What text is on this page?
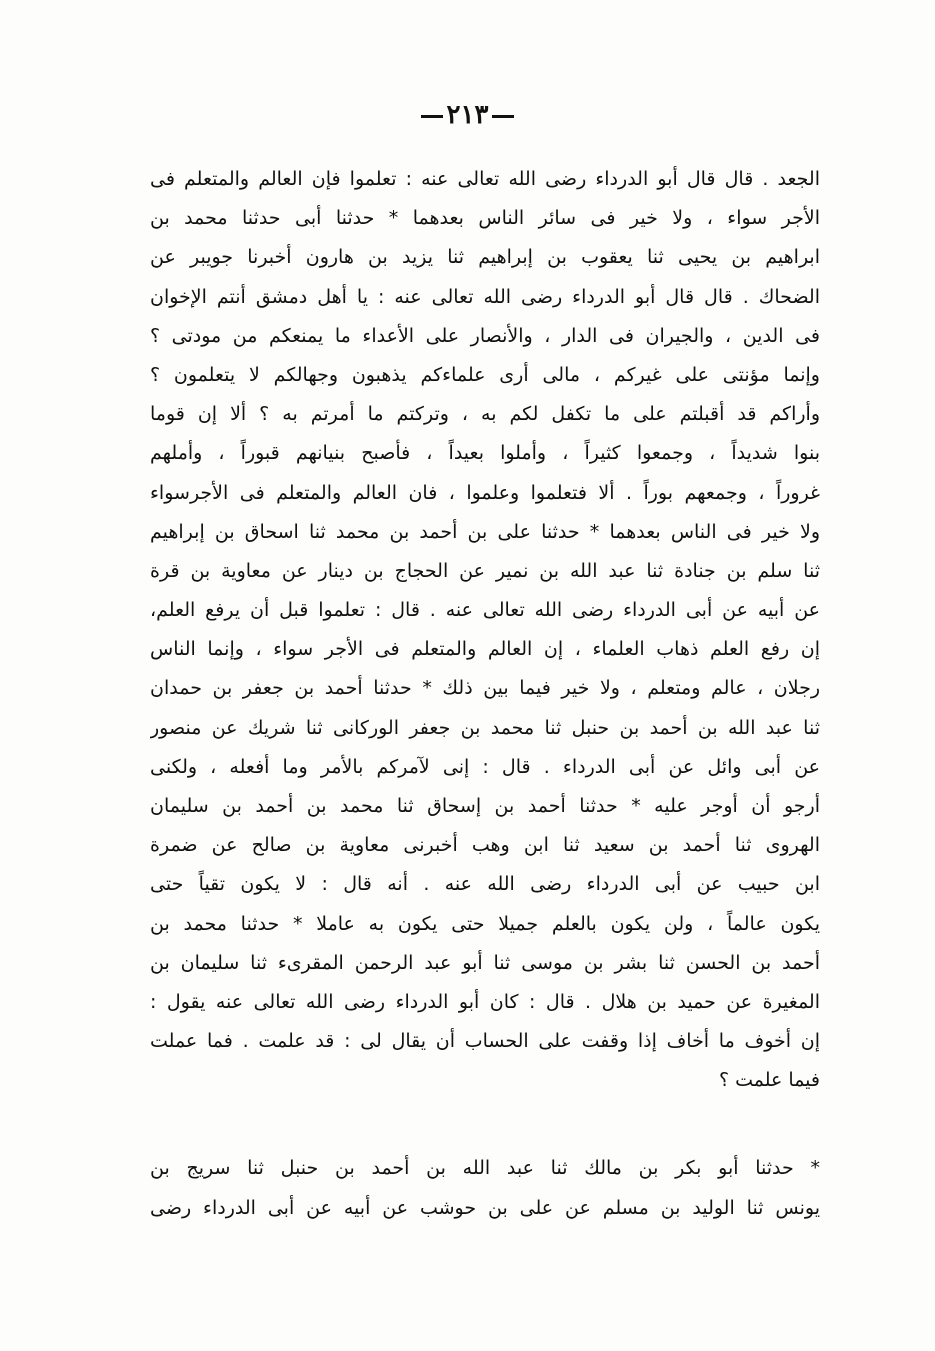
٢١٣
الجعد . قال قال أبو الدرداء رضى الله تعالى عنه : تعلموا فإن العالم والمتعلم فى
الأجر سواء ، ولا خير فى سائر الناس بعدهما * حدثنا أبى حدثنا محمد بن
ابراهيم بن يحيى ثنا يعقوب بن إبراهيم ثنا يزيد بن هارون أخبرنا جويبر عن
الضحاك . قال قال أبو الدرداء رضى الله تعالى عنه : يا أهل دمشق أنتم الإخوان
فى الدين ، والجيران فى الدار ، والأنصار على الأعداء ما يمنعكم من مودتى ؟
وإنما مؤنتى على غيركم ، مالى أرى علماءكم يذهبون وجهالكم لا يتعلمون ؟
وأراكم قد أقبلتم على ما تكفل لكم به ، وتركتم ما أمرتم به ؟ ألا إن قوما
بنوا شديداً ، وجمعوا كثيراً ، وأملوا بعيداً ، فأصبح بنيانهم قبوراً ، وأملهم
غروراً ، وجمعهم بوراً . ألا فتعلموا وعلموا ، فان العالم والمتعلم فى الأجرسواء
ولا خير فى الناس بعدهما * حدثنا على بن أحمد بن محمد ثنا اسحاق بن إبراهيم
ثنا سلم بن جنادة ثنا عبد الله بن نمير عن الحجاج بن دينار عن معاوية بن قرة
عن أبيه عن أبى الدرداء رضى الله تعالى عنه . قال : تعلموا قبل أن يرفع العلم،
إن رفع العلم ذهاب العلماء ، إن العالم والمتعلم فى الأجر سواء ، وإنما الناس
رجلان ، عالم ومتعلم ، ولا خير فيما بين ذلك * حدثنا أحمد بن جعفر بن حمدان
ثنا عبد الله بن أحمد بن حنبل ثنا محمد بن جعفر الوركانى ثنا شريك عن منصور
عن أبى وائل عن أبى الدرداء . قال : إنى لآمركم بالأمر وما أفعله ، ولكنى
أرجو أن أوجر عليه * حدثنا أحمد بن إسحاق ثنا محمد بن أحمد بن سليمان
الهروى ثنا أحمد بن سعيد ثنا ابن وهب أخبرنى معاوية بن صالح عن ضمرة
ابن حبيب عن أبى الدرداء رضى الله عنه . أنه قال : لا يكون تقياً حتى
يكون عالماً ، ولن يكون بالعلم جميلا حتى يكون به عاملا * حدثنا محمد بن
أحمد بن الحسن ثنا بشر بن موسى ثنا أبو عبد الرحمن المقرىء ثنا سليمان بن
المغيرة عن حميد بن هلال . قال : كان أبو الدرداء رضى الله تعالى عنه يقول :
إن أخوف ما أخاف إذا وقفت على الحساب أن يقال لى : قد علمت . فما عملت
فيما علمت ؟
* حدثنا أبو بكر بن مالك ثنا عبد الله بن أحمد بن حنبل ثنا سريج بن
يونس ثنا الوليد بن مسلم عن على بن حوشب عن أبيه عن أبى الدرداء رضى
